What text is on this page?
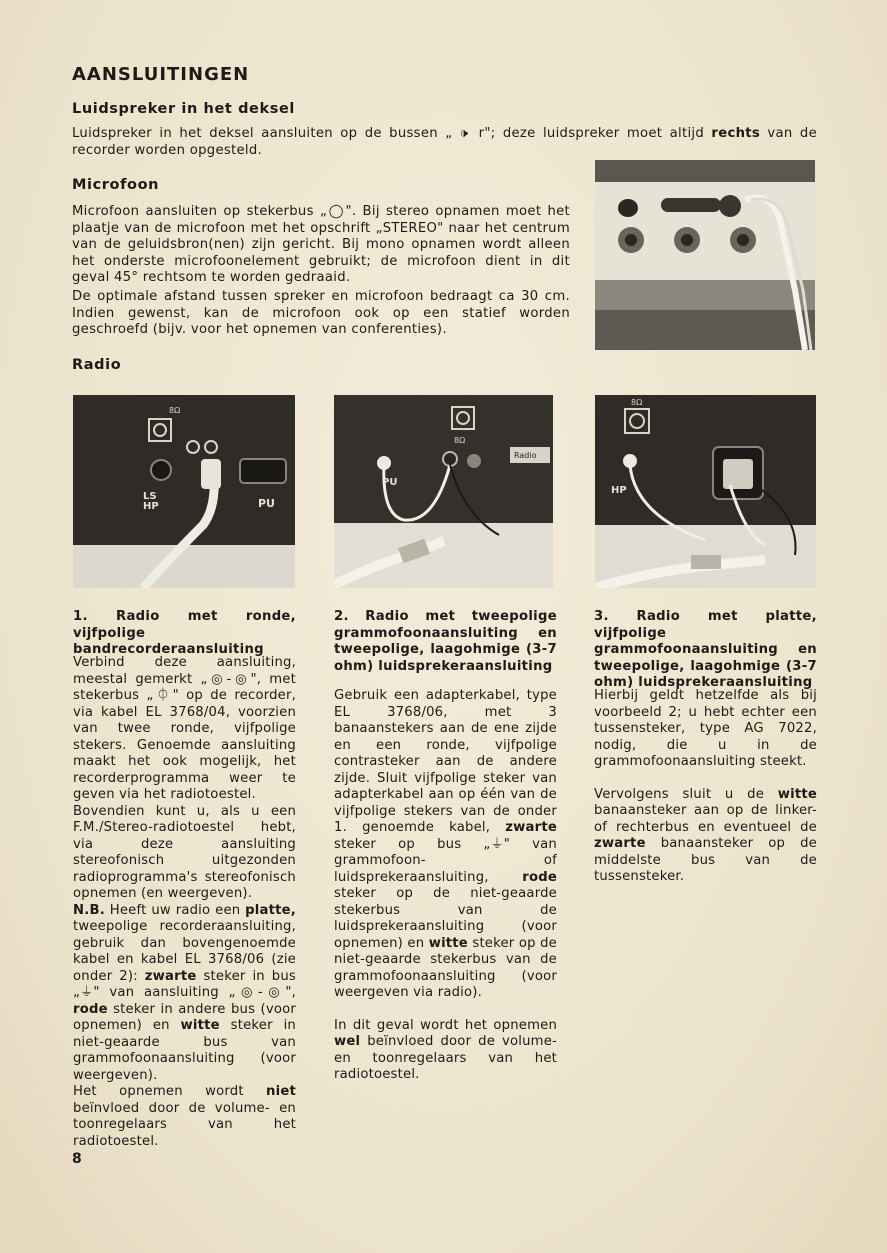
AANSLUITINGEN
Luidspreker in het deksel

Luidspreker in het deksel aansluiten op de bussen „ 🕩 r"; deze luidspreker moet altijd rechts van de recorder worden opgesteld.

Microfoon

Microfoon aansluiten op stekerbus „◯". Bij stereo opnamen moet het plaatje van de microfoon met het opschrift „STEREO" naar het centrum van de geluidsbron(nen) zijn gericht. Bij mono opnamen wordt alleen het onderste microfoonelement gebruikt; de microfoon dient in dit geval 45° rechtsom te worden gedraaid.

De optimale afstand tussen spreker en microfoon bedraagt ca 30 cm. Indien gewenst, kan de microfoon ook op een statief worden geschroefd (bijv. voor het opnemen van conferenties).

Radio
8Ω
LS
HP	PU
Radio
PU
8Ω
8Ω
HP

1. Radio met ronde, vijfpolige bandrecorderaansluiting

2. Radio met tweepolige grammofoonaansluiting en tweepolige, laagohmige (3-7 ohm) luidsprekeraansluiting

3. Radio met platte, vijfpolige grammofoonaansluiting en tweepolige, laagohmige (3-7 ohm) luidsprekeraansluiting

Verbind deze aansluiting, meestal gemerkt „◎-◎", met stekerbus „⏀" op de recorder, via kabel EL 3768/04, voorzien van twee ronde, vijfpolige stekers. Genoemde aansluiting maakt het ook mogelijk, het recorderprogramma weer te geven via het radiotoestel.

Bovendien kunt u, als u een F.M./Stereo-radiotoestel hebt, via deze aansluiting stereofonisch uitgezonden radioprogramma's stereofonisch opnemen (en weergeven).

N.B. Heeft uw radio een platte, tweepolige recorderaansluiting, gebruik dan bovengenoemde kabel en kabel EL 3768/06 (zie onder 2): zwarte steker in bus „⏚" van aansluiting „◎-◎", rode steker in andere bus (voor opnemen) en witte steker in niet-geaarde bus van grammofoonaansluiting (voor weergeven).

Het opnemen wordt niet beïnvloed door de volume- en toonregelaars van het radiotoestel.

Gebruik een adapterkabel, type EL 3768/06, met 3 banaanstekers aan de ene zijde en een ronde, vijfpolige contrasteker aan de andere zijde. Sluit vijfpolige steker van adapterkabel aan op één van de vijfpolige stekers van de onder 1. genoemde kabel, zwarte steker op bus „⏚" van grammofoon- of luidsprekeraansluiting, rode steker op de niet-geaarde stekerbus van de luidsprekeraansluiting (voor opnemen) en witte steker op de niet-geaarde stekerbus van de grammofoonaansluiting (voor weergeven via radio).

In dit geval wordt het opnemen wel beïnvloed door de volume-en toonregelaars van het radiotoestel.

Hierbij geldt hetzelfde als bij voorbeeld 2; u hebt echter een tussensteker, type AG 7022, nodig, die u in de grammofoonaansluiting steekt.

Vervolgens sluit u de witte banaansteker aan op de linker-of rechterbus en eventueel de zwarte banaansteker op de middelste bus van de tussensteker.

8
